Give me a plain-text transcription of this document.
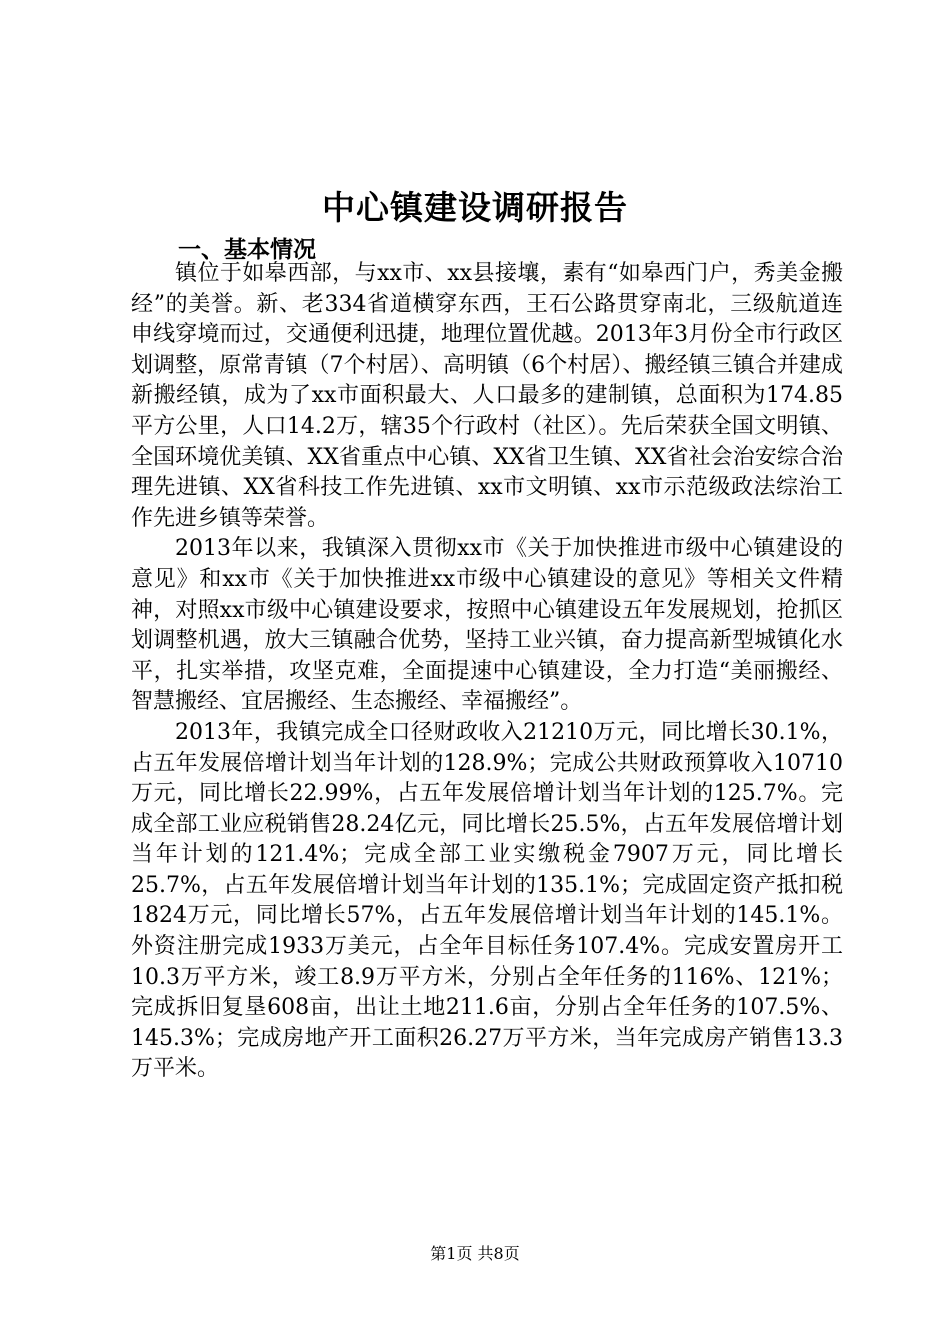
中心镇建设调研报告
一、基本情况

镇位于如皋西部，与xx市、xx县接壤，素有“如皋西门户，秀美金搬经”的美誉。新、老334省道横穿东西，王石公路贯穿南北，三级航道连申线穿境而过，交通便利迅捷，地理位置优越。2013年3月份全市行政区划调整，原常青镇（7个村居）、高明镇（6个村居）、搬经镇三镇合并建成新搬经镇，成为了xx市面积最大、人口最多的建制镇，总面积为174.85平方公里，人口14.2万，辖35个行政村（社区）。先后荣获全国文明镇、全国环境优美镇、XX省重点中心镇、XX省卫生镇、XX省社会治安综合治理先进镇、XX省科技工作先进镇、xx市文明镇、xx市示范级政法综治工作先进乡镇等荣誉。

2013年以来，我镇深入贯彻xx市《关于加快推进市级中心镇建设的意见》和xx市《关于加快推进xx市级中心镇建设的意见》等相关文件精神，对照xx市级中心镇建设要求，按照中心镇建设五年发展规划，抢抓区划调整机遇，放大三镇融合优势，坚持工业兴镇，奋力提高新型城镇化水平，扎实举措，攻坚克难，全面提速中心镇建设，全力打造“美丽搬经、智慧搬经、宜居搬经、生态搬经、幸福搬经”。

2013年，我镇完成全口径财政收入21210万元，同比增长30.1%，占五年发展倍增计划当年计划的128.9%；完成公共财政预算收入10710万元，同比增长22.99%，占五年发展倍增计划当年计划的125.7%。完成全部工业应税销售28.24亿元，同比增长25.5%，占五年发展倍增计划当年计划的121.4%；完成全部工业实缴税金7907万元，同比增长25.7%，占五年发展倍增计划当年计划的135.1%；完成固定资产抵扣税1824万元，同比增长57%，占五年发展倍增计划当年计划的145.1%。外资注册完成1933万美元，占全年目标任务107.4%。完成安置房开工10.3万平方米，竣工8.9万平方米，分别占全年任务的116%、121%；完成拆旧复垦608亩，出让土地211.6亩，分别占全年任务的107.5%、145.3%；完成房地产开工面积26.27万平方米，当年完成房产销售13.3万平米。

第1页 共8页
